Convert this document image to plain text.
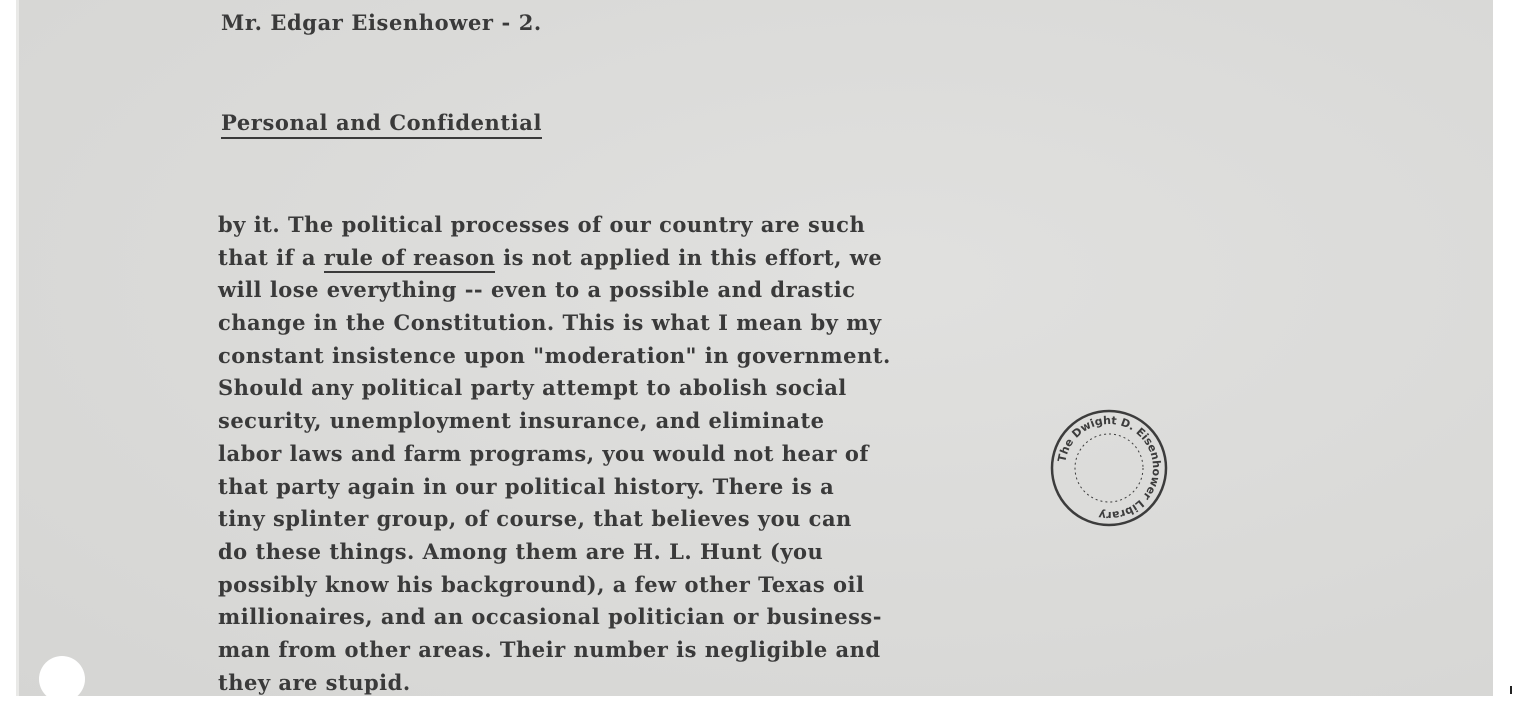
Mr. Edgar Eisenhower - 2.
Personal and Confidential
by it. The political processes of our country are such
that if a rule of reason is not applied in this effort, we
will lose everything -- even to a possible and drastic
change in the Constitution. This is what I mean by my
constant insistence upon "moderation" in government.
Should any political party attempt to abolish social
security, unemployment insurance, and eliminate
labor laws and farm programs, you would not hear of
that party again in our political history. There is a
tiny splinter group, of course, that believes you can
do these things. Among them are H. L. Hunt (you
possibly know his background), a few other Texas oil
millionaires, and an occasional politician or business-
man from other areas. Their number is negligible and
they are stupid.
The Dwight D. Eisenhower Library
